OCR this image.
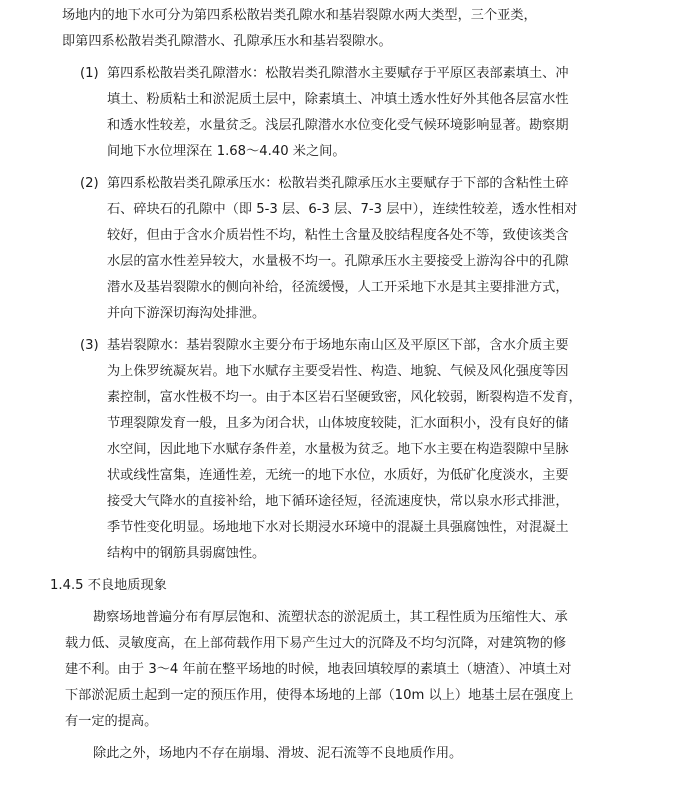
场地内的地下水可分为第四系松散岩类孔隙水和基岩裂隙水两大类型，三个亚类，
即第四系松散岩类孔隙潜水、孔隙承压水和基岩裂隙水。
(1) 第四系松散岩类孔隙潜水：松散岩类孔隙潜水主要赋存于平原区表部素填土、冲
填土、粉质粘土和淤泥质土层中，除素填土、冲填土透水性好外其他各层富水性
和透水性较差，水量贫乏。浅层孔隙潜水水位变化受气候环境影响显著。勘察期
间地下水位埋深在 1.68～4.40 米之间。
(2) 第四系松散岩类孔隙承压水：松散岩类孔隙承压水主要赋存于下部的含粘性土碎
石、碎块石的孔隙中（即 5-3 层、6-3 层、7-3 层中），连续性较差，透水性相对
较好，但由于含水介质岩性不均，粘性土含量及胶结程度各处不等，致使该类含
水层的富水性差异较大，水量极不均一。孔隙承压水主要接受上游沟谷中的孔隙
潜水及基岩裂隙水的侧向补给，径流缓慢，人工开采地下水是其主要排泄方式，
并向下游深切海沟处排泄。
(3) 基岩裂隙水：基岩裂隙水主要分布于场地东南山区及平原区下部，含水介质主要
为上侏罗统凝灰岩。地下水赋存主要受岩性、构造、地貌、气候及风化强度等因
素控制，富水性极不均一。由于本区岩石坚硬致密，风化较弱，断裂构造不发育，
节理裂隙发育一般，且多为闭合状，山体坡度较陡，汇水面积小，没有良好的储
水空间，因此地下水赋存条件差，水量极为贫乏。地下水主要在构造裂隙中呈脉
状或线性富集，连通性差，无统一的地下水位，水质好，为低矿化度淡水，主要
接受大气降水的直接补给，地下循环途径短，径流速度快，常以泉水形式排泄，
季节性变化明显。场地地下水对长期浸水环境中的混凝土具强腐蚀性，对混凝土
结构中的钢筋具弱腐蚀性。
1.4.5 不良地质现象
勘察场地普遍分布有厚层饱和、流塑状态的淤泥质土，其工程性质为压缩性大、承
载力低、灵敏度高，在上部荷载作用下易产生过大的沉降及不均匀沉降，对建筑物的修
建不利。由于 3～4 年前在整平场地的时候，地表回填较厚的素填土（塘渣）、冲填土对
下部淤泥质土起到一定的预压作用，使得本场地的上部（10m 以上）地基土层在强度上
有一定的提高。
除此之外，场地内不存在崩塌、滑坡、泥石流等不良地质作用。
